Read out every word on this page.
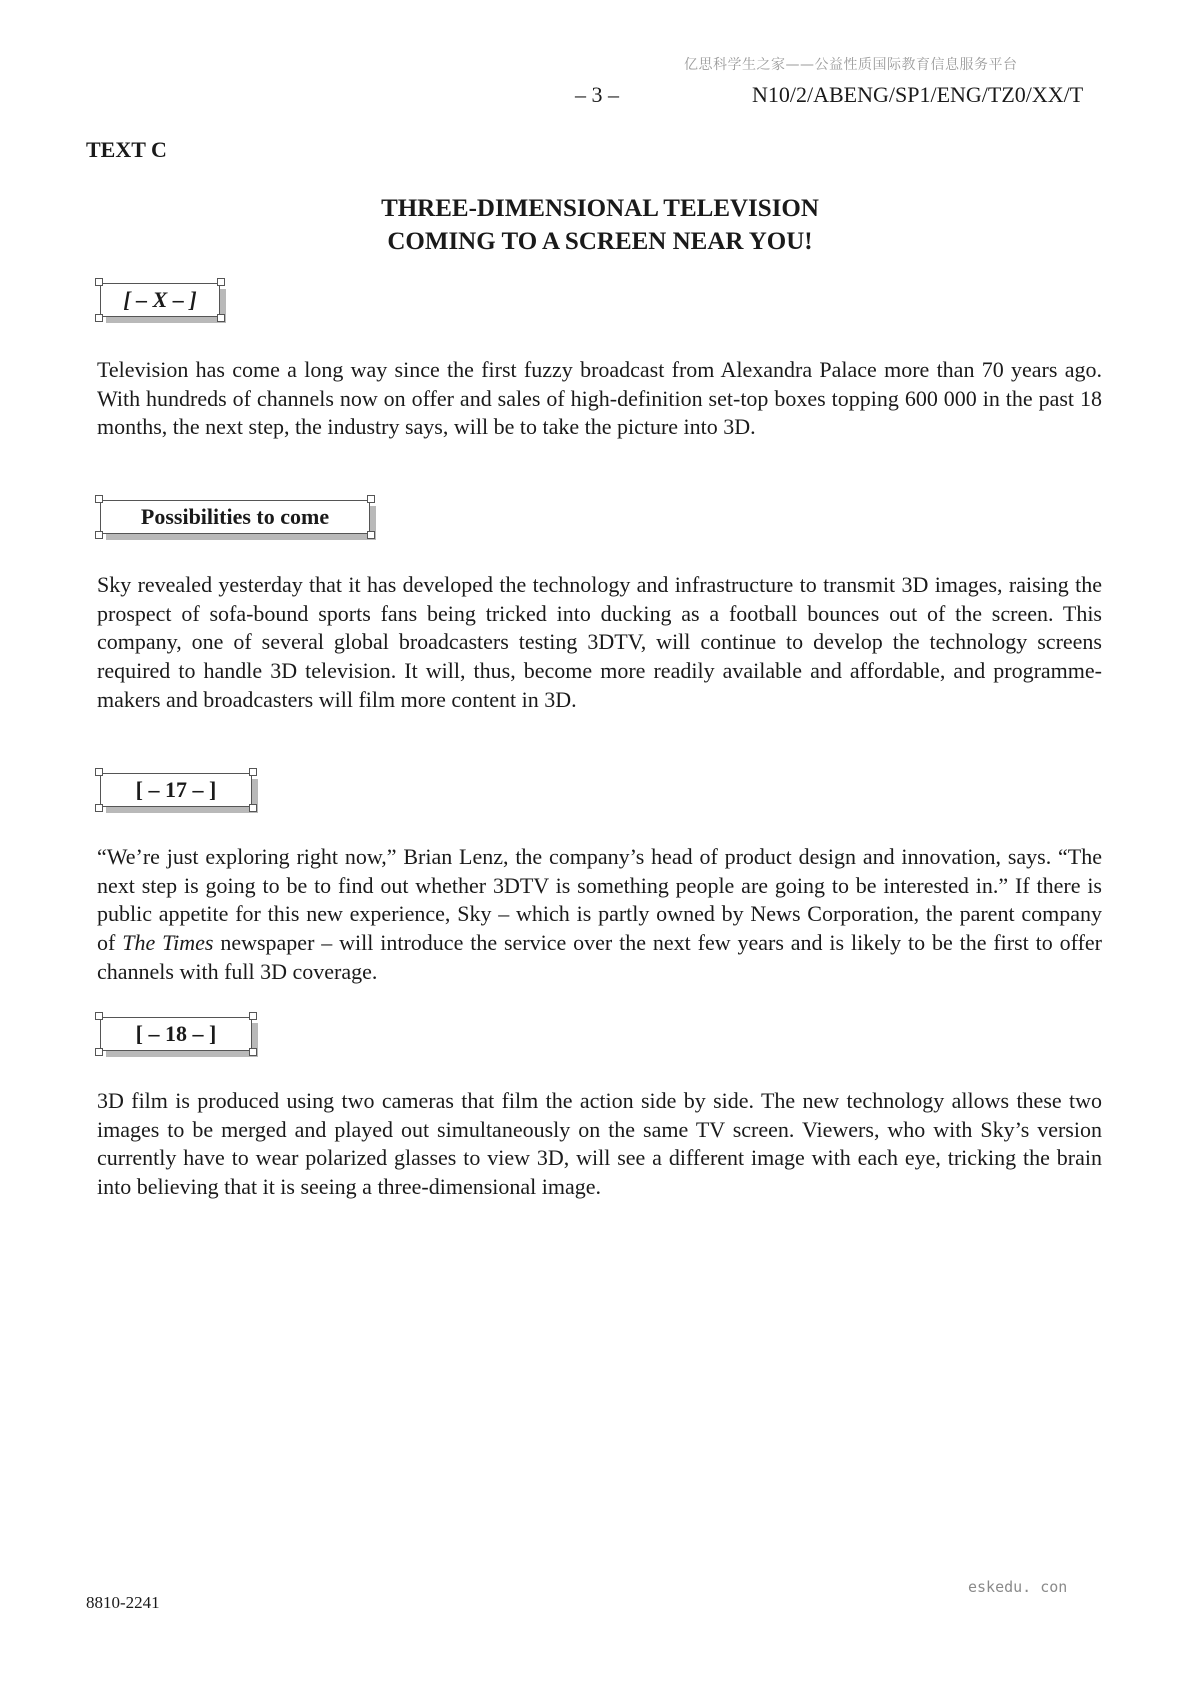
亿思科学生之家——公益性质国际教育信息服务平台
– 3 –	N10/2/ABENG/SP1/ENG/TZ0/XX/T
TEXT C
THREE-DIMENSIONAL TELEVISION
COMING TO A SCREEN NEAR YOU!
[ – X – ]

Television has come a long way since the first fuzzy broadcast from Alexandra Palace more than 70 years ago. With hundreds of channels now on offer and sales of high-definition set-top boxes topping 600 000 in the past 18 months, the next step, the industry says, will be to take the picture into 3D.

Possibilities to come

Sky revealed yesterday that it has developed the technology and infrastructure to transmit 3D images, raising the prospect of sofa-bound sports fans being tricked into ducking as a football bounces out of the screen. This company, one of several global broadcasters testing 3DTV, will continue to develop the technology screens required to handle 3D television. It will, thus, become more readily available and affordable, and programme-makers and broadcasters will film more content in 3D.

[ – 17 – ]

“We’re just exploring right now,” Brian Lenz, the company’s head of product design and innovation, says. “The next step is going to be to find out whether 3DTV is something people are going to be interested in.” If there is public appetite for this new experience, Sky – which is partly owned by News Corporation, the parent company of The Times newspaper – will introduce the service over the next few years and is likely to be the first to offer channels with full 3D coverage.

[ – 18 – ]

3D film is produced using two cameras that film the action side by side. The new technology allows these two images to be merged and played out simultaneously on the same TV screen. Viewers, who with Sky’s version currently have to wear polarized glasses to view 3D, will see a different image with each eye, tricking the brain into believing that it is seeing a three-dimensional image.

8810-2241
eskedu. con
